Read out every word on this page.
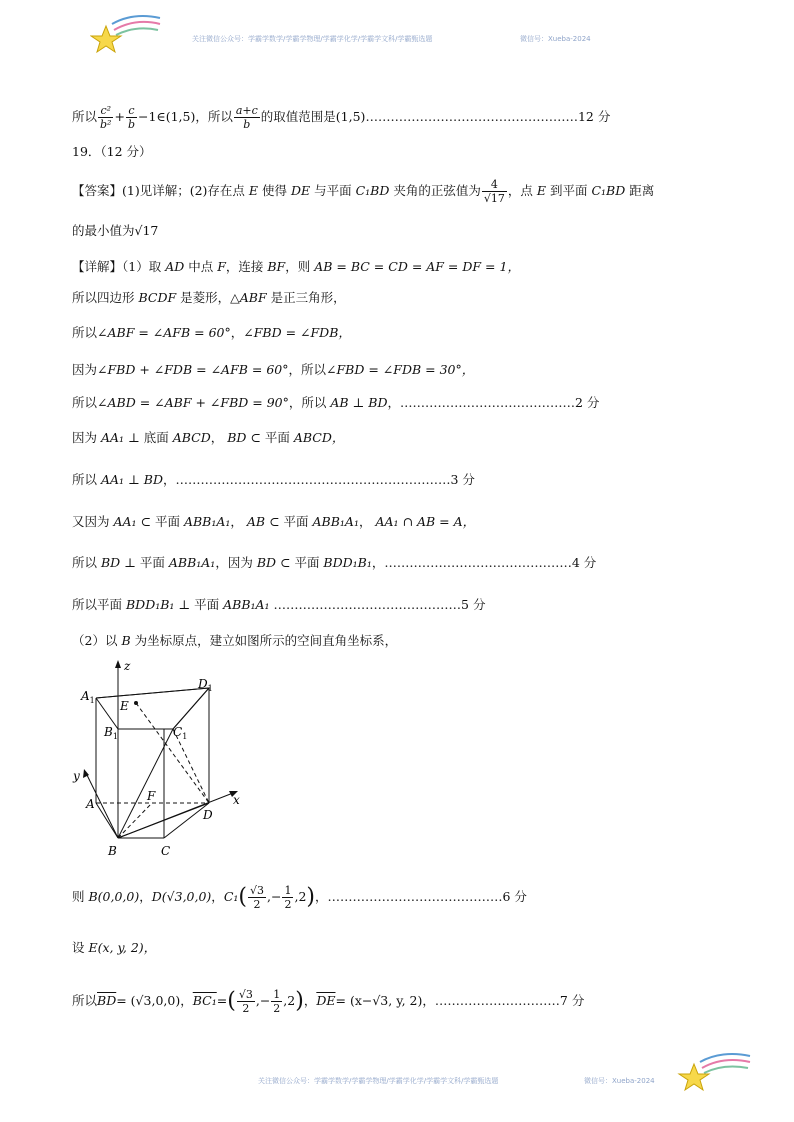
关注微信公众号：学霸学数学/学霸学物理/学霸学化学/学霸学文科/学霸甄选题	微信号：Xueba-2024
所以 $\frac{\text{c²}}{\text{b²}} + \frac{c}{b}$ −1∈(1,5)，所以 $\frac{a+c}{b}$ 的取值范围是(1,5)……………………………………………12 分
19．（12 分）
【答案】(1)见详解；(2)存在点 E 使得 DE 与平面 C₁BD 夹角的正弦值为 $\frac{4}{√17}$ ，点 E 到平面 C₁BD 距离
的最小值为√17
【详解】（1）取 AD 中点 F，连接 BF，则 AB = BC = CD = AF = DF = 1，
所以四边形 BCDF 是菱形，△ABF 是正三角形，
所以∠ABF = ∠AFB = 60°，∠FBD = ∠FDB，
因为∠FBD + ∠FDB = ∠AFB = 60°，所以∠FBD = ∠FDB = 30°，
所以∠ABD = ∠ABF + ∠FBD = 90°，所以 AB ⊥ BD，……………………………………2 分
因为 AA₁ ⊥ 底面 ABCD， BD ⊂ 平面 ABCD，
所以 AA₁ ⊥ BD，…………………………………………………………3 分
又因为 AA₁ ⊂ 平面 ABB₁A₁， AB ⊂ 平面 ABB₁A₁， AA₁ ∩ AB = A，
所以 BD ⊥ 平面 ABB₁A₁，因为 BD ⊂ 平面 BDD₁B₁，………………………………………4 分
所以平面 BDD₁B₁ ⊥ 平面 ABB₁A₁ ………………………………………5 分
（2）以 B 为坐标原点，建立如图所示的空间直角坐标系，
z
y
x
$D_1$
$A_1$ E
$B_1$	$C_1$
A
F
D
B	C
则 B(0,0,0)，D(√3,0,0)，$C_1( \frac{√3}{2}$ ,− $\frac{1}{2} ,2$)，……………………………………6 分
设 E(x, y, 2)，
所以$\overline{BD}= (√3,0,0)$，$BC_1=( \frac{√3}{2}$ ,− $\frac{1}{2} ,2$)，$\overline{DE}= (x-√3$, y, 2)，…………………………7 分
关注微信公众号：学霸学数学/学霸学物理/学霸学化学/学霸学文科/学霸甄选题	微信号：Xueba-2024
